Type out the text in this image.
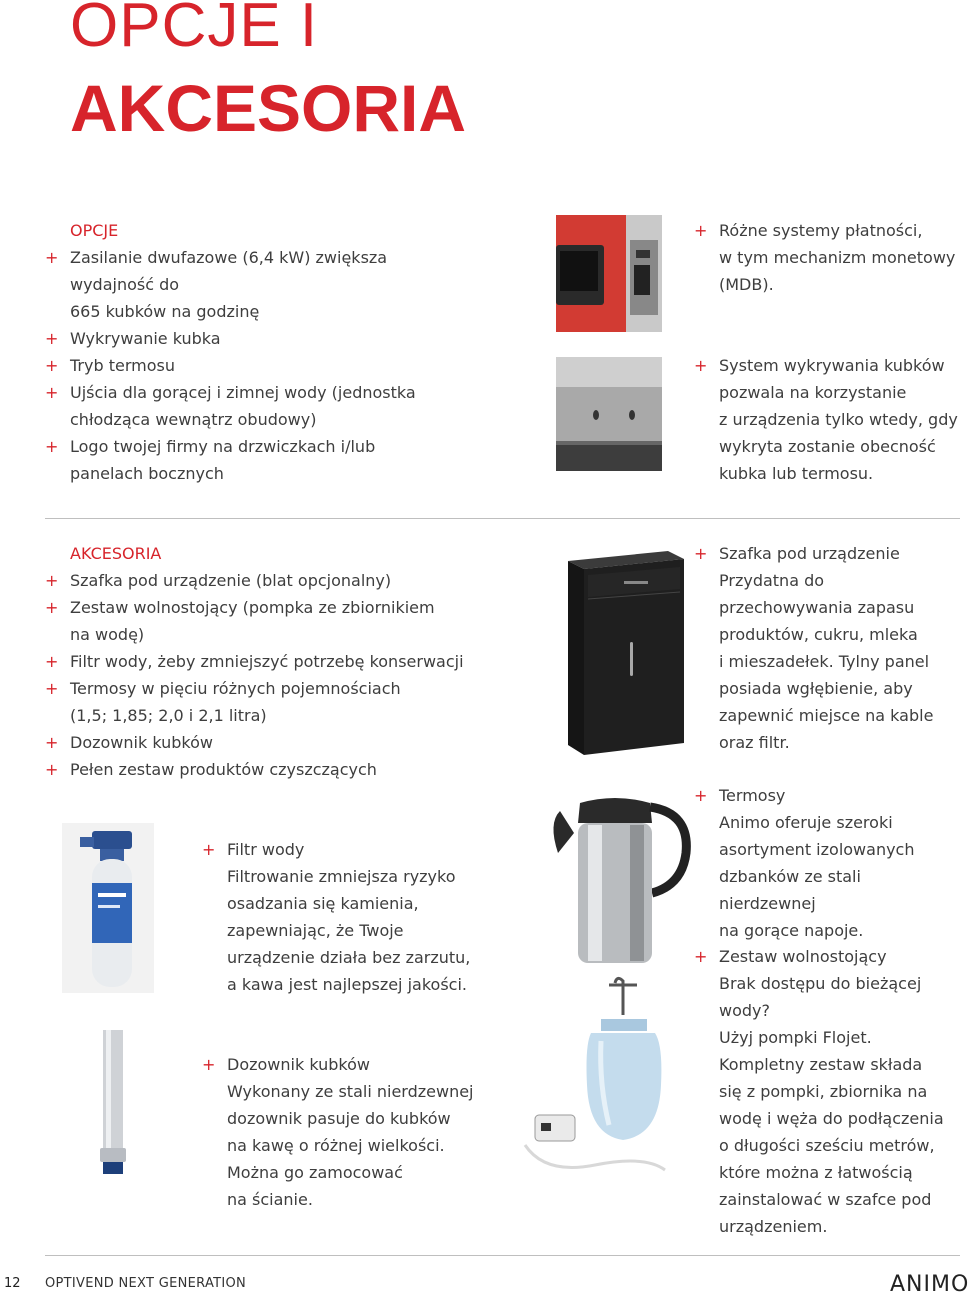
OPCJE I
AKCESORIA
OPCJE
+ Zasilanie dwufazowe (6,4 kW) zwiększa
wydajność do
665 kubków na godzinę
+ Wykrywanie kubka
+ Tryb termosu
+ Ujścia dla gorącej i zimnej wody (jednostka
chłodząca wewnątrz obudowy)
+ Logo twojej firmy na drzwiczkach i/lub
panelach bocznych
+ Różne systemy płatności,
w tym mechanizm monetowy
(MDB).
+ System wykrywania kubków
pozwala na korzystanie
z urządzenia tylko wtedy, gdy
wykryta zostanie obecność
kubka lub termosu.
AKCESORIA
+ Szafka pod urządzenie (blat opcjonalny)
+ Zestaw wolnostojący (pompka ze zbiornikiem
na wodę)
+ Filtr wody, żeby zmniejszyć potrzebę konserwacji
+ Termosy w pięciu różnych pojemnościach
(1,5; 1,85; 2,0 i 2,1 litra)
+ Dozownik kubków
+ Pełen zestaw produktów czyszczących
+ Filtr wody
Filtrowanie zmniejsza ryzyko
osadzania się kamienia,
zapewniając, że Twoje
urządzenie działa bez zarzutu,
a kawa jest najlepszej jakości.
+ Dozownik kubków
Wykonany ze stali nierdzewnej
dozownik pasuje do kubków
na kawę o różnej wielkości.
Można go zamocować
na ścianie.
+ Szafka pod urządzenie
Przydatna do
przechowywania zapasu
produktów, cukru, mleka
i mieszadełek. Tylny panel
posiada wgłębienie, aby
zapewnić miejsce na kable
oraz filtr.
+ Termosy
Animo oferuje szeroki
asortyment izolowanych
dzbanków ze stali nierdzewnej
na gorące napoje.
+ Zestaw wolnostojący
Brak dostępu do bieżącej
wody?
Użyj pompki Flojet.
Kompletny zestaw składa
się z pompki, zbiornika na
wodę i węża do podłączenia
o długości sześciu metrów,
które można z łatwością
zainstalować w szafce pod
urządzeniem.
12 OPTIVEND NEXT GENERATION	ANIMO
